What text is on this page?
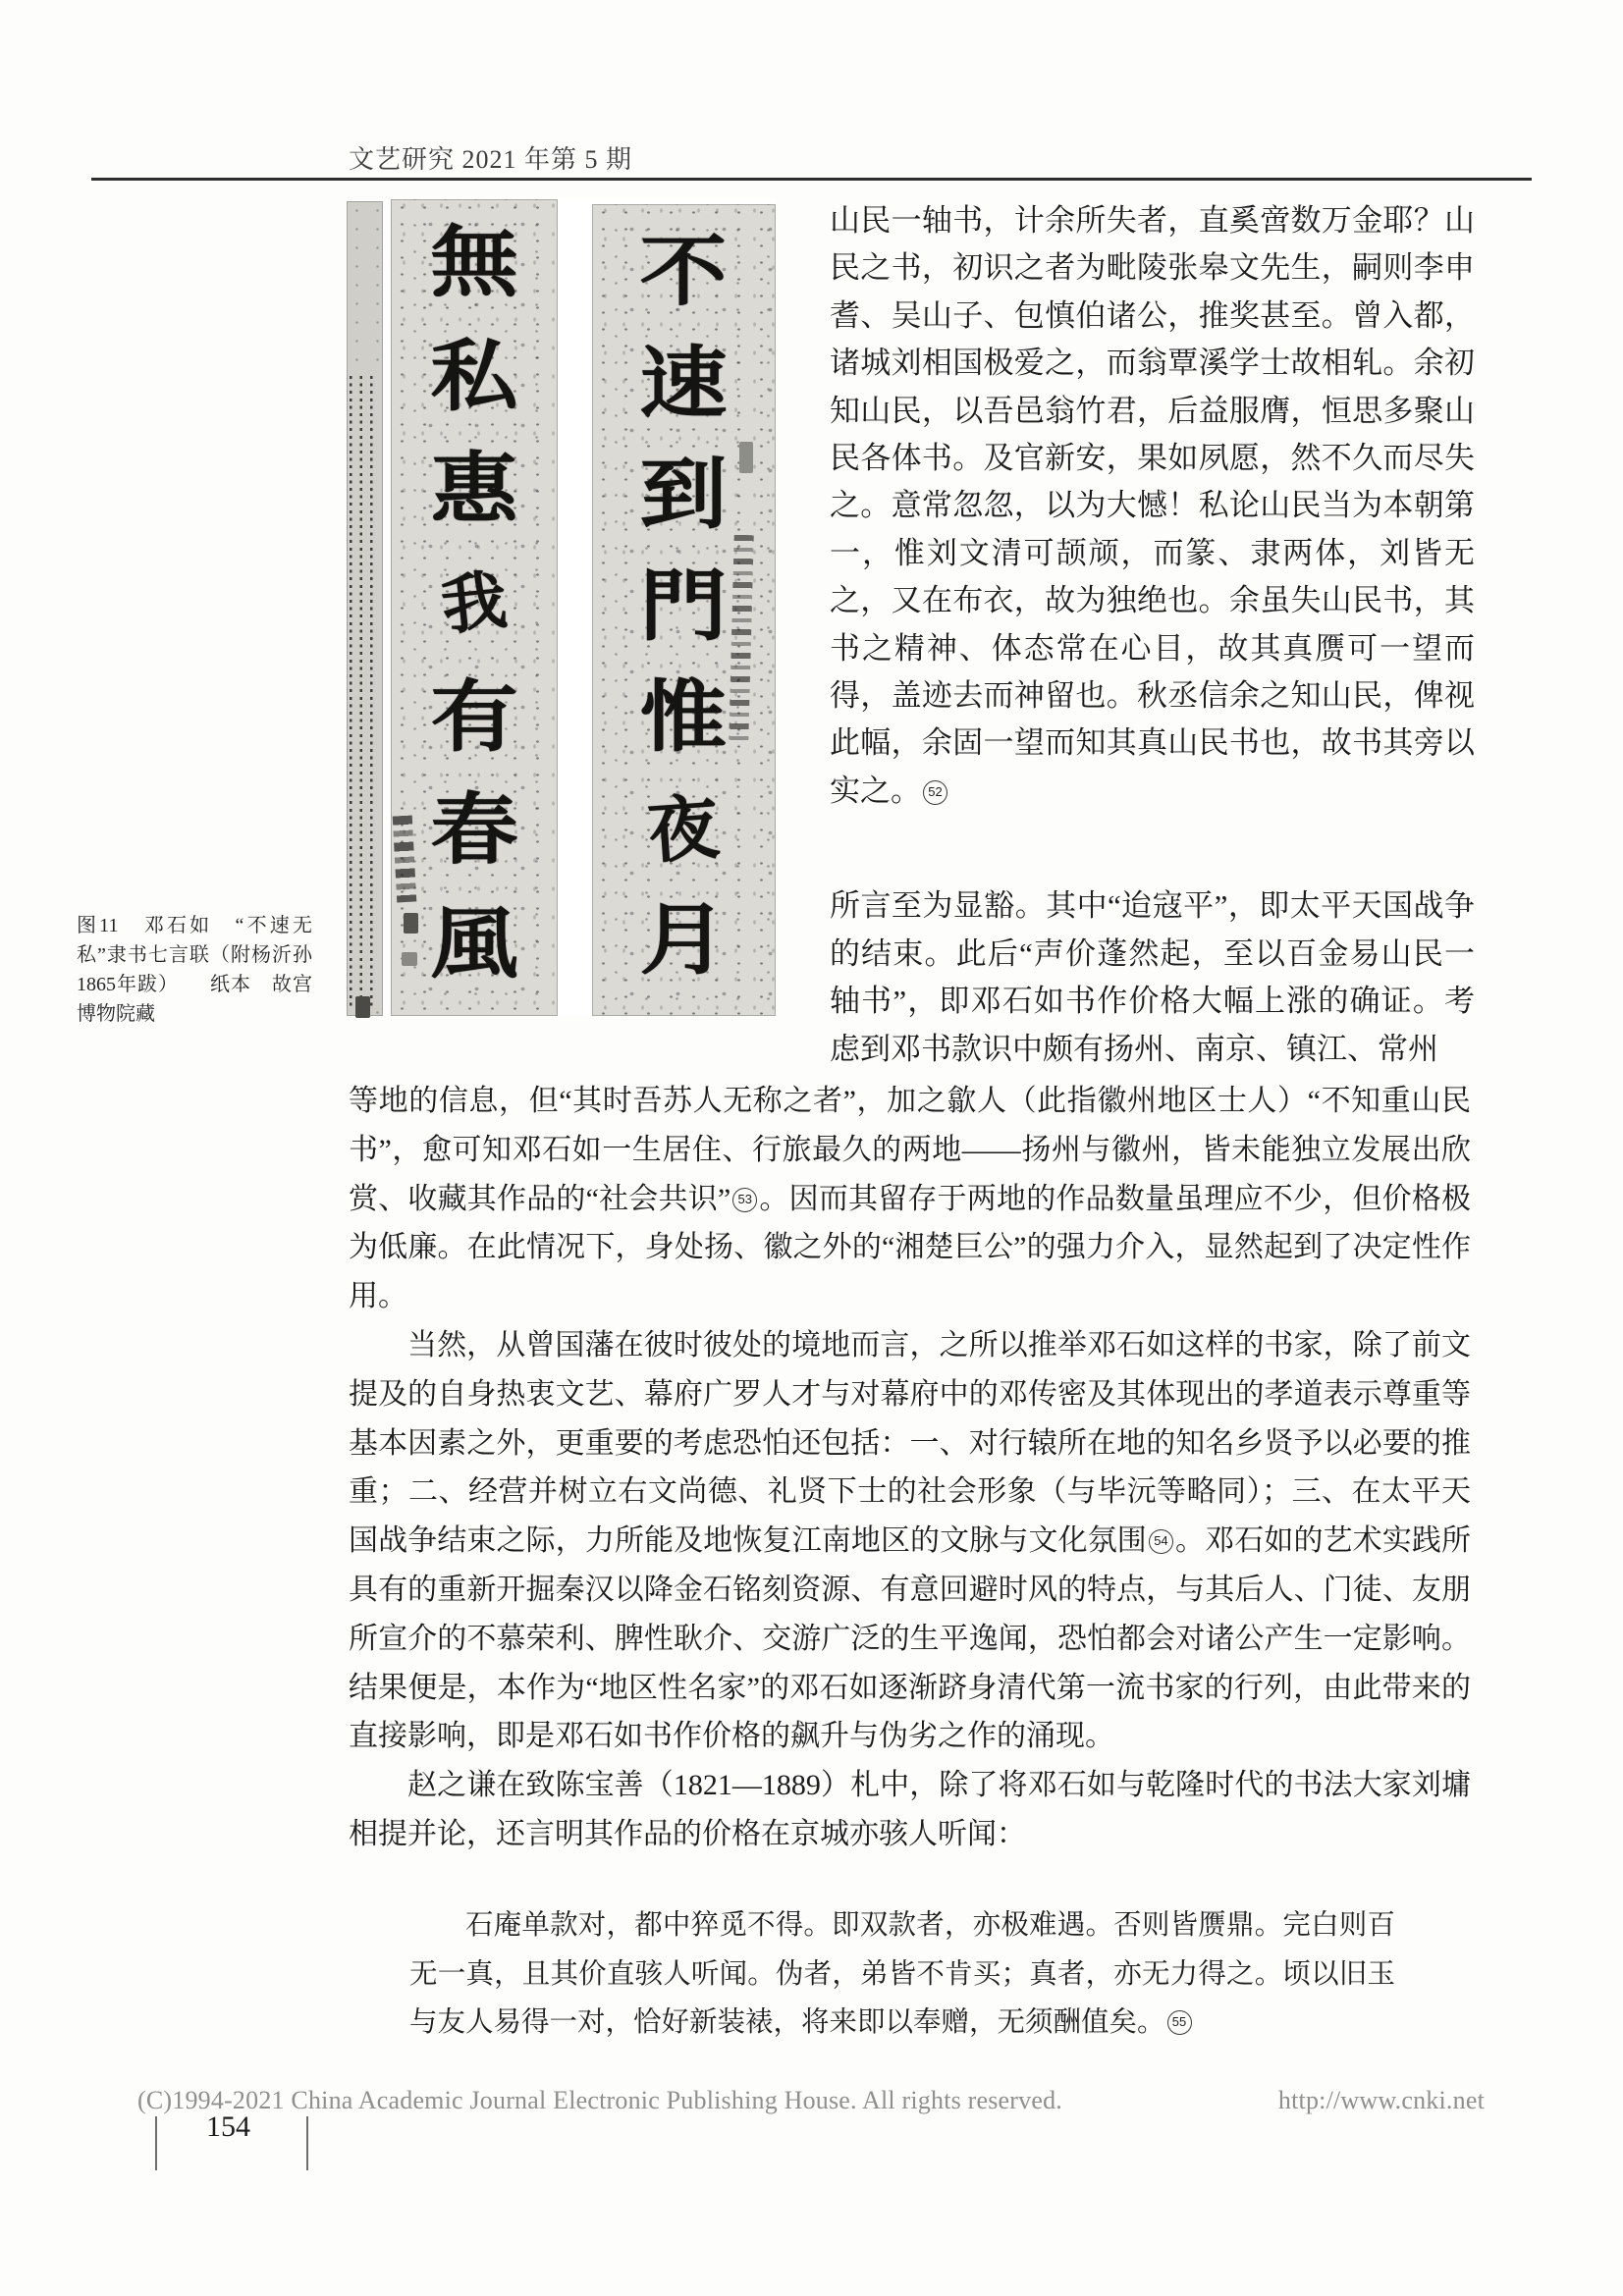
文艺研究 2021 年第 5 期
無
私
惠
我
有
春
風
不
速
到
門
惟
夜
月
图11　邓石如　“不速无私”隶书七言联（附杨沂孙1865年跋）　　纸本　故宫博物院藏

山民一轴书，计余所失者，直奚啻数万金耶？山民之书，初识之者为毗陵张皋文先生，嗣则李申耆、吴山子、包慎伯诸公，推奖甚至。曾入都，诸城刘相国极爱之，而翁覃溪学士故相轧。余初知山民，以吾邑翁竹君，后益服膺，恒思多聚山民各体书。及官新安，果如夙愿，然不久而尽失之。意常忽忽，以为大憾！私论山民当为本朝第一，惟刘文清可颉颃，而篆、隶两体，刘皆无之，又在布衣，故为独绝也。余虽失山民书，其书之精神、体态常在心目，故其真赝可一望而得，盖迹去而神留也。秋丞信余之知山民，俾视此幅，余固一望而知其真山民书也，故书其旁以实之。 52

所言至为显豁。其中“迨寇平”，即太平天国战争的结束。此后“声价蓬然起，至以百金易山民一轴书”，即邓石如书作价格大幅上涨的确证。考虑到邓书款识中颇有扬州、南京、镇江、常州

等地的信息，但“其时吾苏人无称之者”，加之歙人（此指徽州地区士人）“不知重山民书”，愈可知邓石如一生居住、行旅最久的两地——扬州与徽州，皆未能独立发展出欣赏、收藏其作品的“社会共识” 53 。因而其留存于两地的作品数量虽理应不少，但价格极为低廉。在此情况下，身处扬、徽之外的“湘楚巨公”的强力介入，显然起到了决定性作用。

当然，从曾国藩在彼时彼处的境地而言，之所以推举邓石如这样的书家，除了前文提及的自身热衷文艺、幕府广罗人才与对幕府中的邓传密及其体现出的孝道表示尊重等基本因素之外，更重要的考虑恐怕还包括：一、对行辕所在地的知名乡贤予以必要的推重；二、经营并树立右文尚德、礼贤下士的社会形象（与毕沅等略同）；三、在太平天国战争结束之际，力所能及地恢复江南地区的文脉与文化氛围 54 。邓石如的艺术实践所具有的重新开掘秦汉以降金石铭刻资源、有意回避时风的特点，与其后人、门徒、友朋所宣介的不慕荣利、脾性耿介、交游广泛的生平逸闻，恐怕都会对诸公产生一定影响。结果便是，本作为“地区性名家”的邓石如逐渐跻身清代第一流书家的行列，由此带来的直接影响，即是邓石如书作价格的飙升与伪劣之作的涌现。

赵之谦在致陈宝善（1821—1889）札中，除了将邓石如与乾隆时代的书法大家刘墉相提并论，还言明其作品的价格在京城亦骇人听闻：

石庵单款对，都中猝觅不得。即双款者，亦极难遇。否则皆赝鼎。完白则百无一真，且其价直骇人听闻。伪者，弟皆不肯买；真者，亦无力得之。顷以旧玉与友人易得一对，恰好新装裱，将来即以奉赠，无须酬值矣。 55
(C)1994-2021 China Academic Journal Electronic Publishing House. All rights reserved.	http://www.cnki.net
154
